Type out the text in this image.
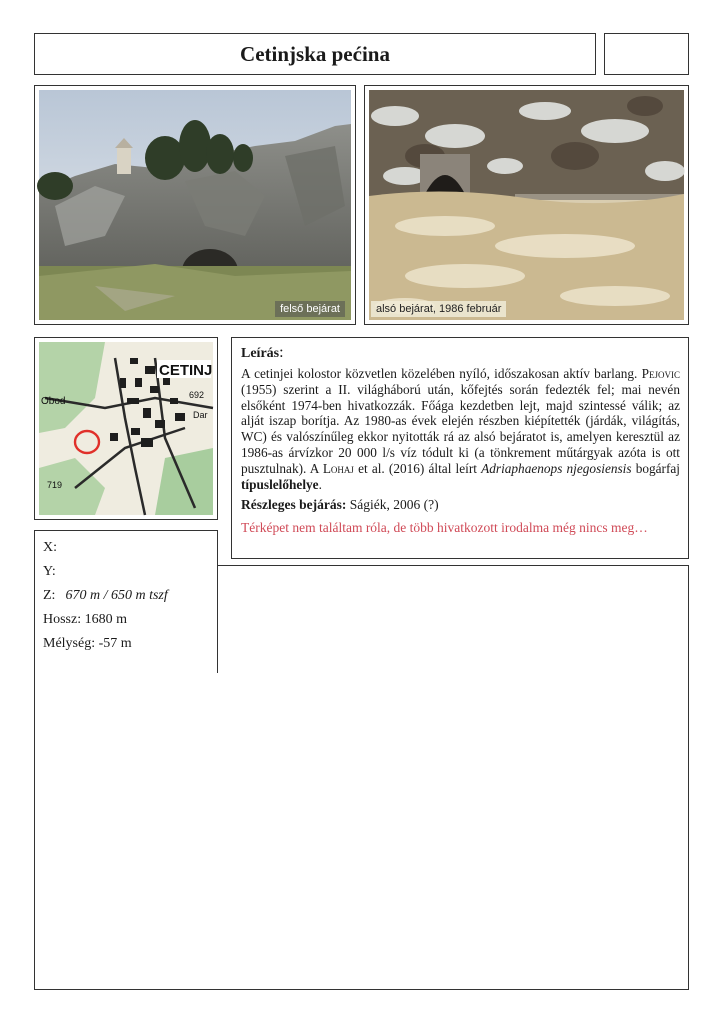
Cetinjska pećina
felső bejárat	alsó bejárat, 1986 február
CETINJ
Obod
692
Dar
719
Leírás:
A cetinjei kolostor közvetlen közelében nyíló, időszakosan aktív barlang. Pejovic (1955) szerint a II. világháború után, kőfejtés során fedezték fel; mai nevén elsőként 1974-ben hivatkozzák. Főága kezdetben lejt, majd szintessé válik; az alját iszap borítja. Az 1980-as évek elején részben kiépítették (járdák, világítás, WC) és valószínűleg ekkor nyitották rá az alsó bejáratot is, amelyen keresztül az 1986-as árvízkor 20 000 l/s víz tódult ki (a tönkrement műtárgyak azóta is ott pusztulnak). A Lohaj et al. (2016) által leírt Adriaphaenops njegosiensis bogárfaj típuslelőhelye.
Részleges bejárás: Ságiék, 2006 (?)
Térképet nem találtam róla, de több hivatkozott irodalma még nincs meg…
X:
Y:
Z: 670 m / 650 m tszf
Hossz: 1680 m
Mélység: -57 m
